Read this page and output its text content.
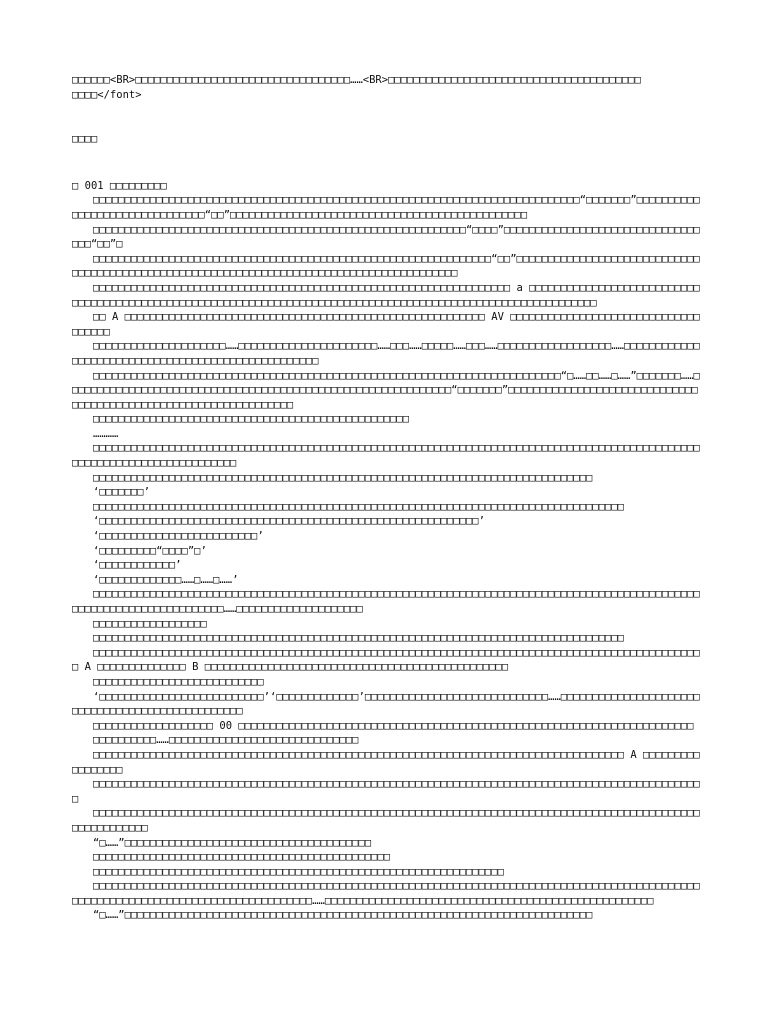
□□□□□□<BR>□□□□□□□□□□□□□□□□□□□□□□□□□□□□□□□□□□……<BR>□□□□□□□□□□□□□□□□□□□□□□□□□□□□□□□□□□□□□□□□
□□□□</font>
□□□□
□ 001 □□□□□□□□□
　　□□□□□□□□□□□□□□□□□□□□□□□□□□□□□□□□□□□□□□□□□□□□□□□□□□□□□□□□□□□□□□□□□□□□□□□□□□□□□“□□□□□□□”□□□□□□□□□□□□□□□□□□□□□□□□□□□□□□□“□□”□□□□□□□□□□□□□□□□□□□□□□□□□□□□□□□□□□□□□□□□□□□□□□□
　　□□□□□□□□□□□□□□□□□□□□□□□□□□□□□□□□□□□□□□□□□□□□□□□□□□□□□□□□□□□“□□□□”□□□□□□□□□□□□□□□□□□□□□□□□□□□□□□□□□□“□□”□
　　□□□□□□□□□□□□□□□□□□□□□□□□□□□□□□□□□□□□□□□□□□□□□□□□□□□□□□□□□□□□□□□“□□”□□□□□□□□□□□□□□□□□□□□□□□□□□□□□□□□□□□□□□□□□□□□□□□□□□□□□□□□□□□□□□□□□□□□□□□□□□□□□□□□□□□□□□□□□□
　　□□□□□□□□□□□□□□□□□□□□□□□□□□□□□□□□□□□□□□□□□□□□□□□□□□□□□□□□□□□□□□□□□□ a □□□□□□□□□□□□□□□□□□□□□□□□□□□□□□□□□□□□□□□□□□□□□□□□□□□□□□□□□□□□□□□□□□□□□□□□□□□□□□□□□□□□□□□□□□□□□□□□□□□□□□□□□□□□□□
　　□□ A □□□□□□□□□□□□□□□□□□□□□□□□□□□□□□□□□□□□□□□□□□□□□□□□□□□□□□□□□ AV □□□□□□□□□□□□□□□□□□□□□□□□□□□□□□□□□□□□
　　□□□□□□□□□□□□□□□□□□□□□……□□□□□□□□□□□□□□□□□□□□□□……□□□……□□□□□……□□□……□□□□□□□□□□□□□□□□□□……□□□□□□□□□□□□□□□□□□□□□□□□□□□□□□□□□□□□□□□□□□□□□□□□□□□
　　□□□□□□□□□□□□□□□□□□□□□□□□□□□□□□□□□□□□□□□□□□□□□□□□□□□□□□□□□□□□□□□□□□□□□□□□□□“□……□□……□……”□□□□□□□……□□□□□□□□□□□□□□□□□□□□□□□□□□□□□□□□□□□□□□□□□□□□□□□□□□□□□□□□□□□□□“□□□□□□□”□□□□□□□□□□□□□□□□□□□□□□□□□□□□□□□□□□□□□□□□□□□□□□□□□□□□□□□□□□□□□□□□□
　　□□□□□□□□□□□□□□□□□□□□□□□□□□□□□□□□□□□□□□□□□□□□□□□□□□
　　…………
　　□□□□□□□□□□□□□□□□□□□□□□□□□□□□□□□□□□□□□□□□□□□□□□□□□□□□□□□□□□□□□□□□□□□□□□□□□□□□□□□□□□□□□□□□□□□□□□□□□□□□□□□□□□□□□□□□□□□□□□□□□□
　　□□□□□□□□□□□□□□□□□□□□□□□□□□□□□□□□□□□□□□□□□□□□□□□□□□□□□□□□□□□□□□□□□□□□□□□□□□□□□□□
　　‘□□□□□□□’
　　□□□□□□□□□□□□□□□□□□□□□□□□□□□□□□□□□□□□□□□□□□□□□□□□□□□□□□□□□□□□□□□□□□□□□□□□□□□□□□□□□□□□
　　‘□□□□□□□□□□□□□□□□□□□□□□□□□□□□□□□□□□□□□□□□□□□□□□□□□□□□□□□□□□□□’
　　‘□□□□□□□□□□□□□□□□□□□□□□□□□’
　　‘□□□□□□□□□“□□□□”□’
　　‘□□□□□□□□□□□□’
　　‘□□□□□□□□□□□□□……□……□……’
　　□□□□□□□□□□□□□□□□□□□□□□□□□□□□□□□□□□□□□□□□□□□□□□□□□□□□□□□□□□□□□□□□□□□□□□□□□□□□□□□□□□□□□□□□□□□□□□□□□□□□□□□□□□□□□□□□□□□□□□□□……□□□□□□□□□□□□□□□□□□□□
　　□□□□□□□□□□□□□□□□□□
　　□□□□□□□□□□□□□□□□□□□□□□□□□□□□□□□□□□□□□□□□□□□□□□□□□□□□□□□□□□□□□□□□□□□□□□□□□□□□□□□□□□□□
　　□□□□□□□□□□□□□□□□□□□□□□□□□□□□□□□□□□□□□□□□□□□□□□□□□□□□□□□□□□□□□□□□□□□□□□□□□□□□□□□□□□□□□□□□□□□□□□□□□ A □□□□□□□□□□□□□□ B □□□□□□□□□□□□□□□□□□□□□□□□□□□□□□□□□□□□□□□□□□□□□□□□
　　□□□□□□□□□□□□□□□□□□□□□□□□□□□
　　‘□□□□□□□□□□□□□□□□□□□□□□□□□□’‘□□□□□□□□□□□□□’□□□□□□□□□□□□□□□□□□□□□□□□□□□□□……□□□□□□□□□□□□□□□□□□□□□□□□□□□□□□□□□□□□□□□□□□□□□□□□□
　　□□□□□□□□□□□□□□□□□□□ 00 □□□□□□□□□□□□□□□□□□□□□□□□□□□□□□□□□□□□□□□□□□□□□□□□□□□□□□□□□□□□□□□□□□□□□□□□
　　□□□□□□□□□□……□□□□□□□□□□□□□□□□□□□□□□□□□□□□□□
　　□□□□□□□□□□□□□□□□□□□□□□□□□□□□□□□□□□□□□□□□□□□□□□□□□□□□□□□□□□□□□□□□□□□□□□□□□□□□□□□□□□□□ A □□□□□□□□□□□□□□□□□
　　□□□□□□□□□□□□□□□□□□□□□□□□□□□□□□□□□□□□□□□□□□□□□□□□□□□□□□□□□□□□□□□□□□□□□□□□□□□□□□□□□□□□□□□□□□□□□□□□□
　　□□□□□□□□□□□□□□□□□□□□□□□□□□□□□□□□□□□□□□□□□□□□□□□□□□□□□□□□□□□□□□□□□□□□□□□□□□□□□□□□□□□□□□□□□□□□□□□□□□□□□□□□□□□□
　　“□……”□□□□□□□□□□□□□□□□□□□□□□□□□□□□□□□□□□□□□□□
　　□□□□□□□□□□□□□□□□□□□□□□□□□□□□□□□□□□□□□□□□□□□□□□□
　　□□□□□□□□□□□□□□□□□□□□□□□□□□□□□□□□□□□□□□□□□□□□□□□□□□□□□□□□□□□□□□□□□
　　□□□□□□□□□□□□□□□□□□□□□□□□□□□□□□□□□□□□□□□□□□□□□□□□□□□□□□□□□□□□□□□□□□□□□□□□□□□□□□□□□□□□□□□□□□□□□□□□□□□□□□□□□□□□□□□□□□□□□□□□□□□□□□□□□□□□□□……□□□□□□□□□□□□□□□□□□□□□□□□□□□□□□□□□□□□□□□□□□□□□□□□□□□□
　　“□……”□□□□□□□□□□□□□□□□□□□□□□□□□□□□□□□□□□□□□□□□□□□□□□□□□□□□□□□□□□□□□□□□□□□□□□□□□□
